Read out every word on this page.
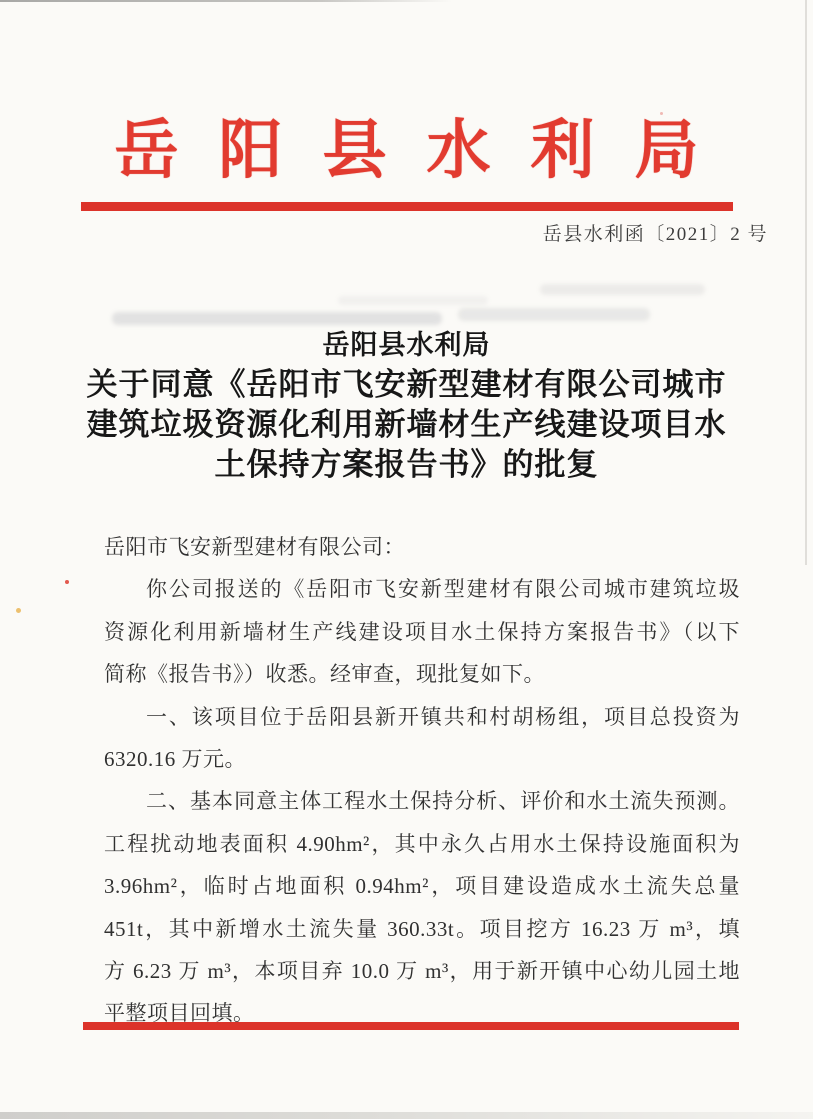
岳阳县水利局
岳县水利函〔2021〕2 号
岳阳县水利局
关于同意《岳阳市飞安新型建材有限公司城市
建筑垃圾资源化利用新墙材生产线建设项目水
土保持方案报告书》的批复
岳阳市飞安新型建材有限公司：
你公司报送的《岳阳市飞安新型建材有限公司城市建筑垃圾
资源化利用新墙材生产线建设项目水土保持方案报告书》（以下
简称《报告书》）收悉。经审查，现批复如下。
一、该项目位于岳阳县新开镇共和村胡杨组，项目总投资为
6320.16 万元。
二、基本同意主体工程水土保持分析、评价和水土流失预测。
工程扰动地表面积 4.90hm²，其中永久占用水土保持设施面积为
3.96hm²，临时占地面积 0.94hm²，项目建设造成水土流失总量
451t，其中新增水土流失量 360.33t。项目挖方 16.23 万 m³，填
方 6.23 万 m³，本项目弃 10.0 万 m³，用于新开镇中心幼儿园土地
平整项目回填。
